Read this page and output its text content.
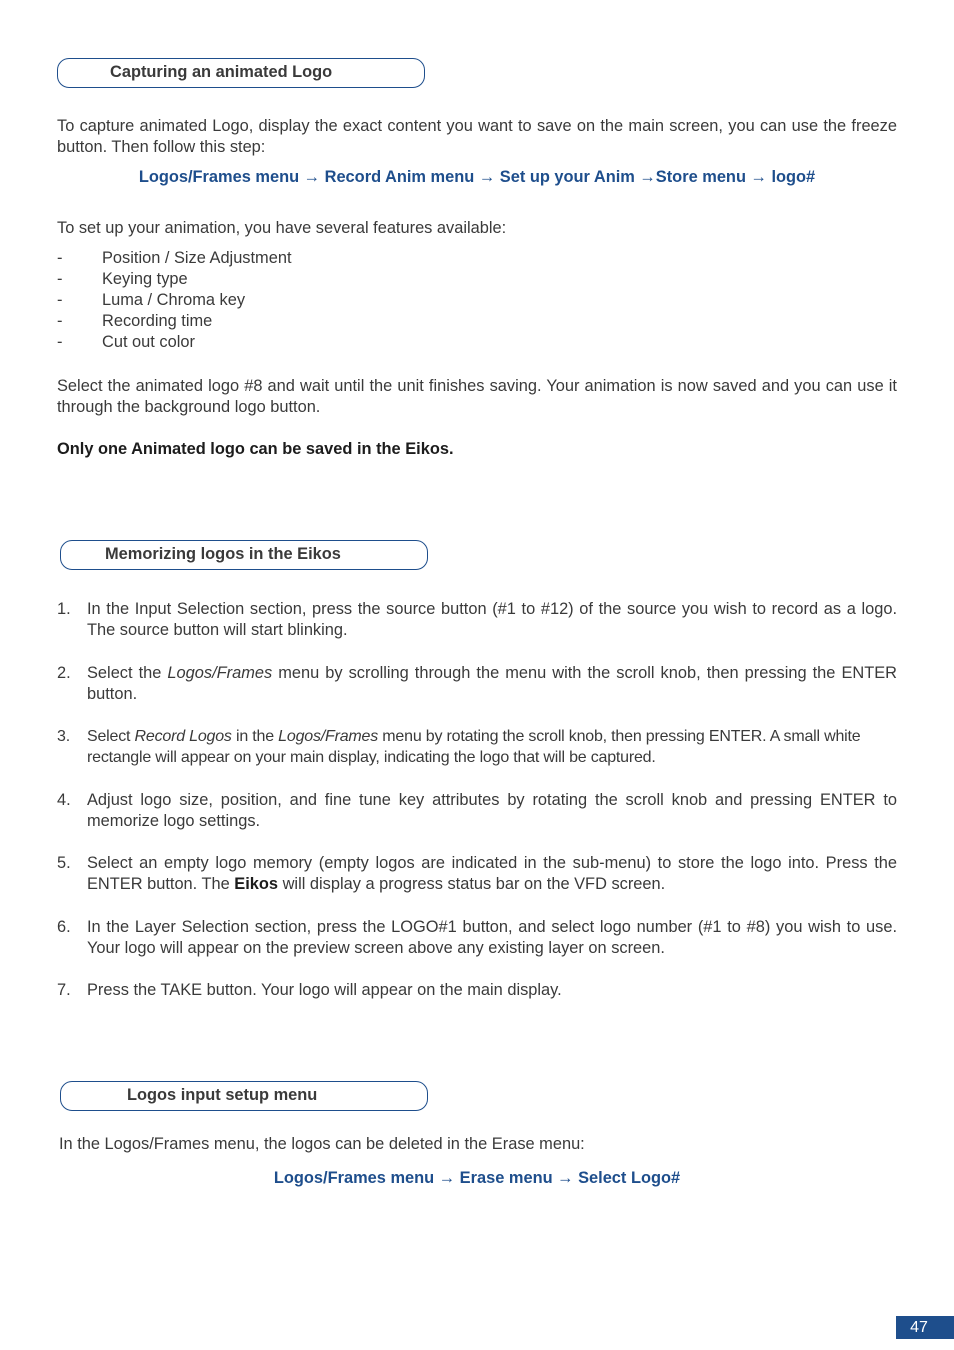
Capturing an animated Logo

To capture animated Logo, display the exact content you want to save on the main screen, you can use the freeze button. Then follow this step:

Logos/Frames menu → Record Anim menu → Set up your Anim →Store menu → logo#

To set up your animation, you have several features available:

- Position / Size Adjustment
- Keying type
- Luma / Chroma key
- Recording time
- Cut out color

Select the animated logo #8 and wait until the unit finishes saving. Your animation is now saved and you can use it through the background logo button.

Only one Animated logo can be saved in the Eikos.

Memorizing logos in the Eikos
1. In the Input Selection section, press the source button (#1 to #12) of the source you wish to record as a logo. The source button will start blinking.
2. Select the Logos/Frames menu by scrolling through the menu with the scroll knob, then pressing the ENTER button.
3. Select Record Logos in the Logos/Frames menu by rotating the scroll knob, then pressing ENTER. A small white rectangle will appear on your main display, indicating the logo that will be captured.
4. Adjust logo size, position, and fine tune key attributes by rotating the scroll knob and pressing ENTER to memorize logo settings.
5. Select an empty logo memory (empty logos are indicated in the sub-menu) to store the logo into. Press the ENTER button. The Eikos will display a progress status bar on the VFD screen.
6. In the Layer Selection section, press the LOGO#1 button, and select logo number (#1 to #8) you wish to use. Your logo will appear on the preview screen above any existing layer on screen.
7. Press the TAKE button. Your logo will appear on the main display.
Logos input setup menu

In the Logos/Frames menu, the logos can be deleted in the Erase menu:

Logos/Frames menu → Erase menu → Select Logo#

47
